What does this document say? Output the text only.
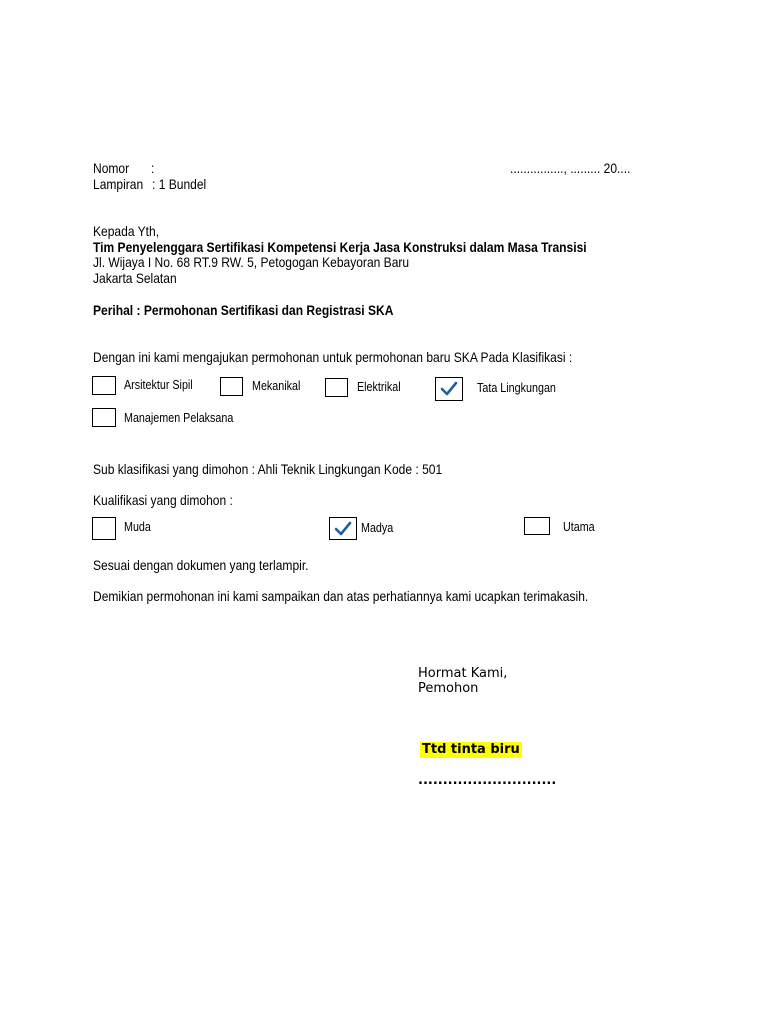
Nomor :	................, ......... 20....
Lampiran : 1 Bundel
Kepada Yth,
Tim Penyelenggara Sertifikasi Kompetensi Kerja Jasa Konstruksi dalam Masa Transisi
Jl. Wijaya I No. 68 RT.9 RW. 5, Petogogan Kebayoran Baru
Jakarta Selatan
Perihal : Permohonan Sertifikasi dan Registrasi SKA
Dengan ini kami mengajukan permohonan untuk permohonan baru SKA Pada Klasifikasi :
Arsitektur Sipil	Mekanikal	Elektrikal	Tata Lingkungan
Manajemen Pelaksana
Sub klasifikasi yang dimohon : Ahli Teknik Lingkungan Kode : 501
Kualifikasi yang dimohon :
Muda	Madya	Utama
Sesuai dengan dokumen yang terlampir.
Demikian permohonan ini kami sampaikan dan atas perhatiannya kami ucapkan terimakasih.
Hormat Kami,
Pemohon
Ttd tinta biru
............................
